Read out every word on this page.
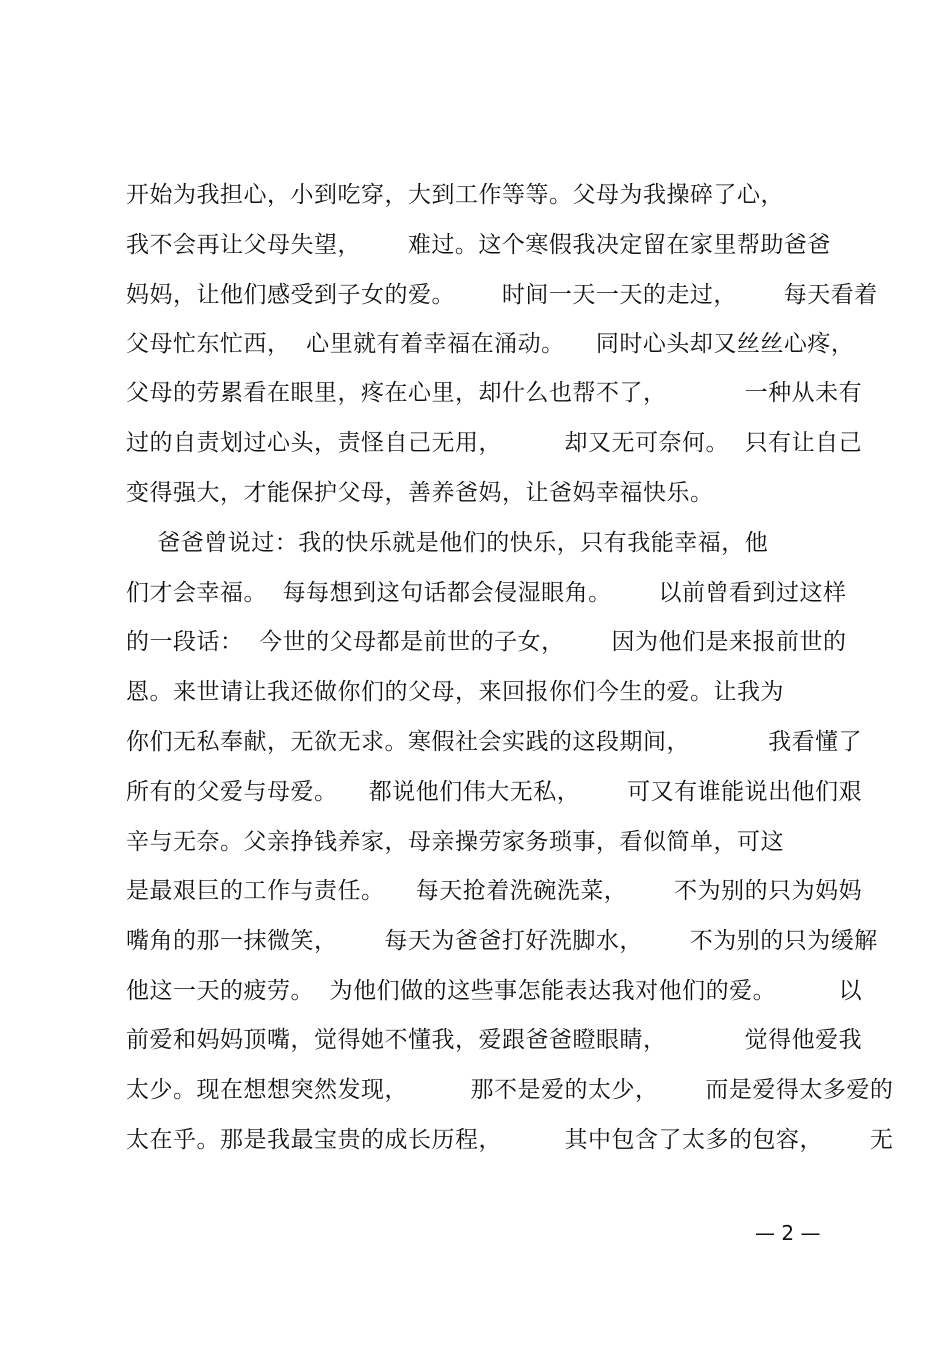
开始为我担心，小到吃穿，大到工作等等。父母为我操碎了心，
我不会再让父母失望，      难过。这个寒假我决定留在家里帮助爸爸
妈妈，让他们感受到子女的爱。      时间一天一天的走过，      每天看着
父母忙东忙西，  心里就有着幸福在涌动。    同时心头却又丝丝心疼，
父母的劳累看在眼里，疼在心里，却什么也帮不了，          一种从未有
过的自责划过心头，责怪自己无用，        却又无可奈何。  只有让自己
变得强大，才能保护父母，善养爸妈，让爸妈幸福快乐。
爸爸曾说过：我的快乐就是他们的快乐，只有我能幸福，他
们才会幸福。  每每想到这句话都会侵湿眼角。      以前曾看到过这样
的一段话：  今世的父母都是前世的子女，      因为他们是来报前世的
恩。来世请让我还做你们的父母，来回报你们今生的爱。让我为
你们无私奉献，无欲无求。寒假社会实践的这段期间，          我看懂了
所有的父爱与母爱。    都说他们伟大无私，      可又有谁能说出他们艰
辛与无奈。父亲挣钱养家，母亲操劳家务琐事，看似简单，可这
是最艰巨的工作与责任。    每天抢着洗碗洗菜，      不为别的只为妈妈
嘴角的那一抹微笑，      每天为爸爸打好洗脚水，      不为别的只为缓解
他这一天的疲劳。  为他们做的这些事怎能表达我对他们的爱。        以
前爱和妈妈顶嘴，觉得她不懂我，爱跟爸爸瞪眼睛，          觉得他爱我
太少。现在想想突然发现，        那不是爱的太少，      而是爱得太多爱的
太在乎。那是我最宝贵的成长历程，        其中包含了太多的包容，      无
— 2 —
